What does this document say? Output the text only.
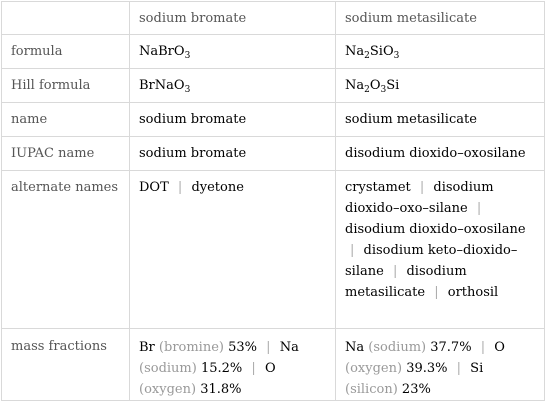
	sodium bromate	sodium metasilicate
formula	NaBrO$_3$	$Na_2SiO_3$
Hill formula	BrNaO$_3$	$Na_2O_3Si$
name	sodium bromate	sodium metasilicate
IUPAC name	sodium bromate	disodium dioxido–oxosilane
alternate names	DOT | dyetone	crystamet | disodium dioxido–oxo–silane | disodium dioxido–oxosilane | disodium keto–dioxido–silane | disodium metasilicate | orthosil
mass fractions	Br (bromine) 53% | Na (sodium) 15.2% | O (oxygen) 31.8%	Na (sodium) 37.7% | O (oxygen) 39.3% | Si (silicon) 23%
